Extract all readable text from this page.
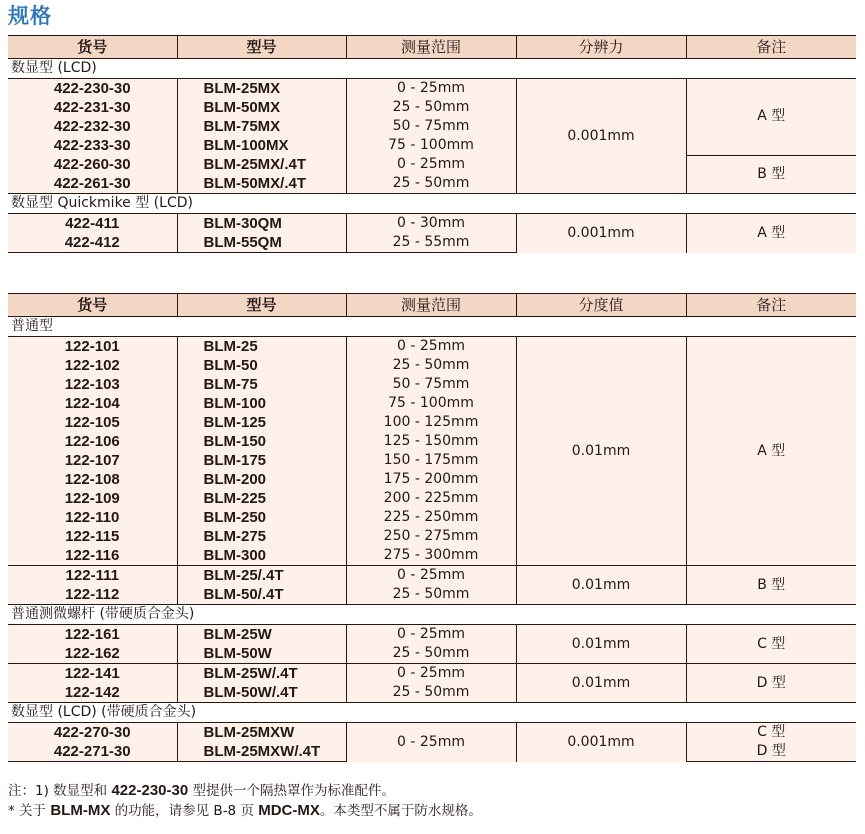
规格
货号	型号	测量范围	分辨力	备注
数显型 (LCD)				
422-230-30	BLM-25MX	0 - 25mm	0.001mm	A 型
422-231-30	BLM-50MX	25 - 50mm		
422-232-30	BLM-75MX	50 - 75mm		
422-233-30	BLM-100MX	75 - 100mm		
422-260-30	BLM-25MX/.4T	0 - 25mm		B 型
422-261-30	BLM-50MX/.4T	25 - 50mm		
数显型 Quickmike 型 (LCD)				
422-411	BLM-30QM	0 - 30mm	0.001mm	A 型
422-412	BLM-55QM	25 - 55mm		
货号	型号	测量范围	分度值	备注
普通型				
122-101	BLM-25	0 - 25mm	0.01mm	A 型
122-102	BLM-50	25 - 50mm		
122-103	BLM-75	50 - 75mm		
122-104	BLM-100	75 - 100mm		
122-105	BLM-125	100 - 125mm		
122-106	BLM-150	125 - 150mm		
122-107	BLM-175	150 - 175mm		
122-108	BLM-200	175 - 200mm		
122-109	BLM-225	200 - 225mm		
122-110	BLM-250	225 - 250mm		
122-115	BLM-275	250 - 275mm		
122-116	BLM-300	275 - 300mm		
122-111	BLM-25/.4T	0 - 25mm	0.01mm	B 型
122-112	BLM-50/.4T	25 - 50mm		
普通测微螺杆 (带硬质合金头)				
122-161	BLM-25W	0 - 25mm	0.01mm	C 型
122-162	BLM-50W	25 - 50mm		
122-141	BLM-25W/.4T	0 - 25mm	0.01mm	D 型
122-142	BLM-50W/.4T	25 - 50mm		
数显型 (LCD) (带硬质合金头)				
422-270-30	BLM-25MXW	0 - 25mm	0.001mm	C 型
422-271-30	BLM-25MXW/.4T			D 型
注：1) 数显型和 422-230-30 型提供一个隔热罩作为标准配件。
* 关于 BLM-MX 的功能，请参见 B-8 页 MDC-MX。本类型不属于防水规格。
